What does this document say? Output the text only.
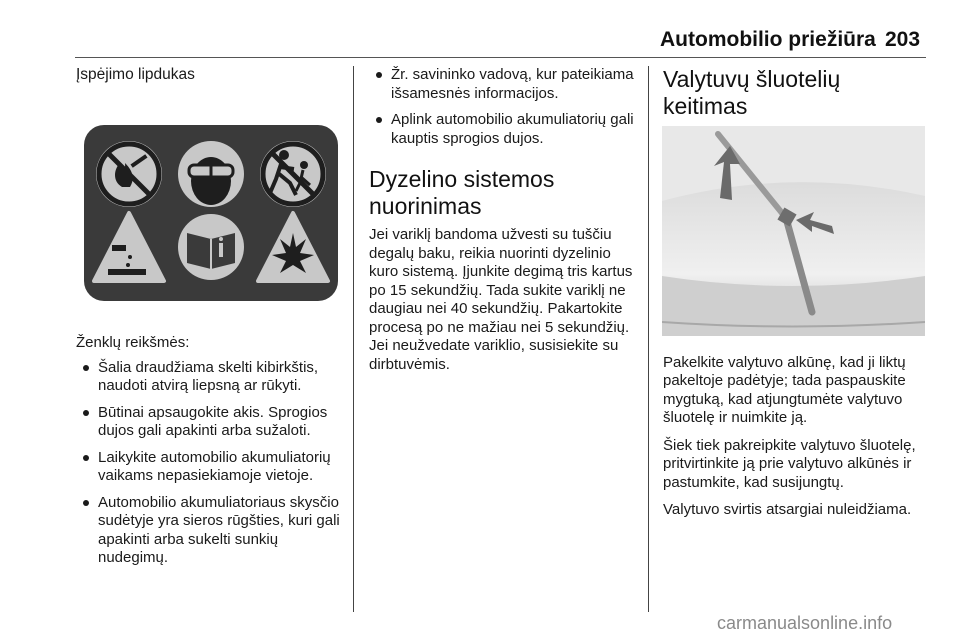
Automobilio priežiūra 203
Įspėjimo lipdukas
Ženklų reikšmės:
Šalia draudžiama skelti kibirkštis, naudoti atvirą liepsną ar rūkyti.
Būtinai apsaugokite akis. Sprogios dujos gali apakinti arba sužaloti.
Laikykite automobilio akumuliatorių vaikams nepasiekiamoje vietoje.
Automobilio akumuliatoriaus skysčio sudėtyje yra sieros rūgšties, kuri gali apakinti arba sukelti sunkių nudegimų.
Žr. savininko vadovą, kur pateikiama išsamesnės informacijos.
Aplink automobilio akumuliatorių gali kauptis sprogios dujos.
Dyzelino sistemos nuorinimas

Jei variklį bandoma užvesti su tuščiu degalų baku, reikia nuorinti dyzelinio kuro sistemą. Įjunkite degimą tris kartus po 15 sekundžių. Tada sukite variklį ne daugiau nei 40 sekundžių. Pakartokite procesą po ne mažiau nei 5 sekundžių. Jei neužvedate variklio, susisiekite su dirbtuvėmis.

Valytuvų šluotelių keitimas

Pakelkite valytuvo alkūnę, kad ji liktų pakeltoje padėtyje; tada paspauskite mygtuką, kad atjungtumėte valytuvo šluotelę ir nuimkite ją.

Šiek tiek pakreipkite valytuvo šluotelę, pritvirtinkite ją prie valytuvo alkūnės ir pastumkite, kad susijungtų.

Valytuvo svirtis atsargiai nuleidžiama.

carmanualsonline.info
